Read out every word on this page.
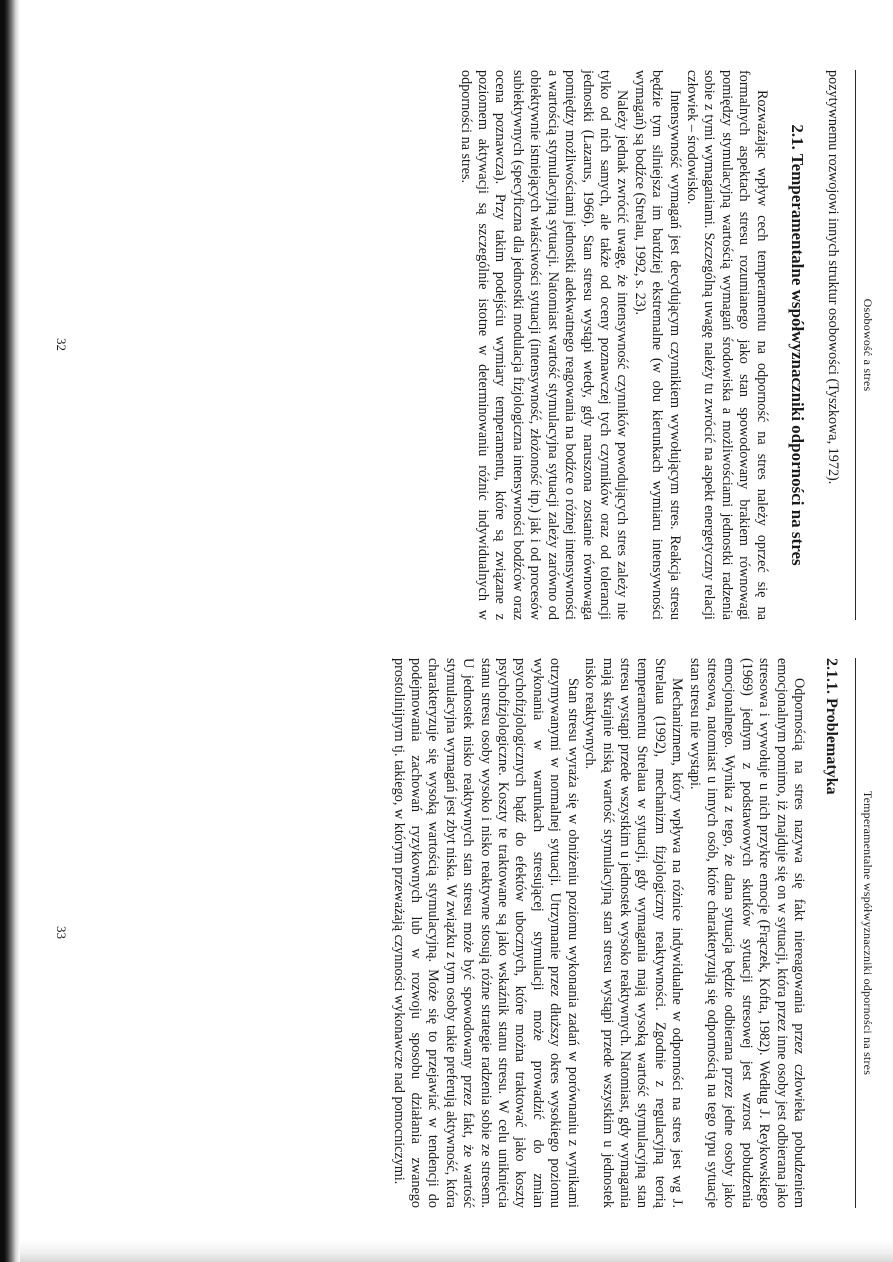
Osobowość a stres

pozytywnemu rozwojowi innych struktur osobowości (Tyszkowa, 1972).

2.1. Temperamentalne współwyznaczniki odporności na stres

Rozważając wpływ cech temperamentu na odporność na stres należy oprzeć się na formalnych aspektach stresu rozumianego jako stan spowodowany brakiem równowagi pomiędzy stymulacyjną wartością wymagań środowiska a możliwościami jednostki radzenia sobie z tymi wymaganiami. Szczególną uwagę należy tu zwrócić na aspekt energetyczny relacji człowiek – środowisko.

Intensywność wymagań jest decydującym czynnikiem wywołującym stres. Reakcja stresu będzie tym silniejsza im bardziej ekstremalne (w obu kierunkach wymiaru intensywności wymagań) są bodźce (Strelau, 1992, s. 23).

Należy jednak zwrócić uwagę, że intensywność czynników powodujących stres zależy nie tylko od nich samych, ale także od oceny poznawczej tych czynników oraz od tolerancji jednostki (Lazarus, 1966). Stan stresu wystąpi wtedy, gdy naruszona zostanie równowaga pomiędzy możliwościami jednostki adekwatnego reagowania na bodźce o różnej intensywności a wartością stymulacyjną sytuacji. Natomiast wartość stymulacyjna sytuacji zależy zarówno od obiektywnie istniejących właściwości sytuacji (intensywność, złożoność itp.) jak i od procesów subiektywnych (specyficzna dla jednostki modulacja fizjologiczna intensywności bodźców oraz ocena poznawcza). Przy takim podejściu wymiary temperamentu, które są związane z poziomem aktywacji są szczególnie istotne w determinowaniu różnic indywidualnych w odporności na stres.

32
Temperamentalne współwyznaczniki odporności na stres
2.1.1. Problematyka

Odpornością na stres nazywa się fakt niereagowania przez człowieka pobudzeniem emocjonalnym pomimo, iż znajduje się on w sytuacji, która przez inne osoby jest odbierana jako stresowa i wywołuje u nich przykre emocje (Frączek, Kofta, 1982). Według J. Reykowskiego (1969) jednym z podstawowych skutków sytuacji stresowej jest wzrost pobudzenia emocjonalnego. Wynika z tego, że dana sytuacja będzie odbierana przez jedne osoby jako stresowa, natomiast u innych osób, które charakteryzują się odpornością na tego typu sytuacje stan stresu nie wystąpi.

Mechanizmem, który wpływa na różnice indywidualne w odporności na stres jest wg J. Strelaua (1992), mechanizm fizjologiczny reaktywności. Zgodnie z regulacyjną teorią temperamentu Strelaua w sytuacji, gdy wymagania mają wysoką wartość stymulacyjną stan stresu wystąpi przede wszystkim u jednostek wysoko reaktywnych. Natomiast, gdy wymagania mają skrajnie niską wartość stymulacyjną stan stresu wystąpi przede wszystkim u jednostek nisko reaktywnych.

Stan stresu wyraża się w obniżeniu poziomu wykonania zadań w porównaniu z wynikami otrzymywanymi w normalnej sytuacji. Utrzymanie przez dłuższy okres wysokiego poziomu wykonania w warunkach stresującej stymulacji może prowadzić do zmian psychofizjologicznych bądź do efektów ubocznych, które można traktować jako koszty psychofizjologiczne. Koszty te traktowane są jako wskaźnik stanu stresu. W celu uniknięcia stanu stresu osoby wysoko i nisko reaktywne stosują różne strategie radzenia sobie ze stresem. U jednostek nisko reaktywnych stan stresu może być spowodowany przez fakt, że wartość stymulacyjna wymagań jest zbyt niska. W związku z tym osoby takie preferują aktywność, która charakteryzuje się wysoką wartością stymulacyjną. Może się to przejawiać w tendencji do podejmowania zachowań ryzykownych lub w rozwoju sposobu działania zwanego prostolinijnym tj. takiego, w którym przeważają czynności wykonawcze nad pomocniczymi.

33
